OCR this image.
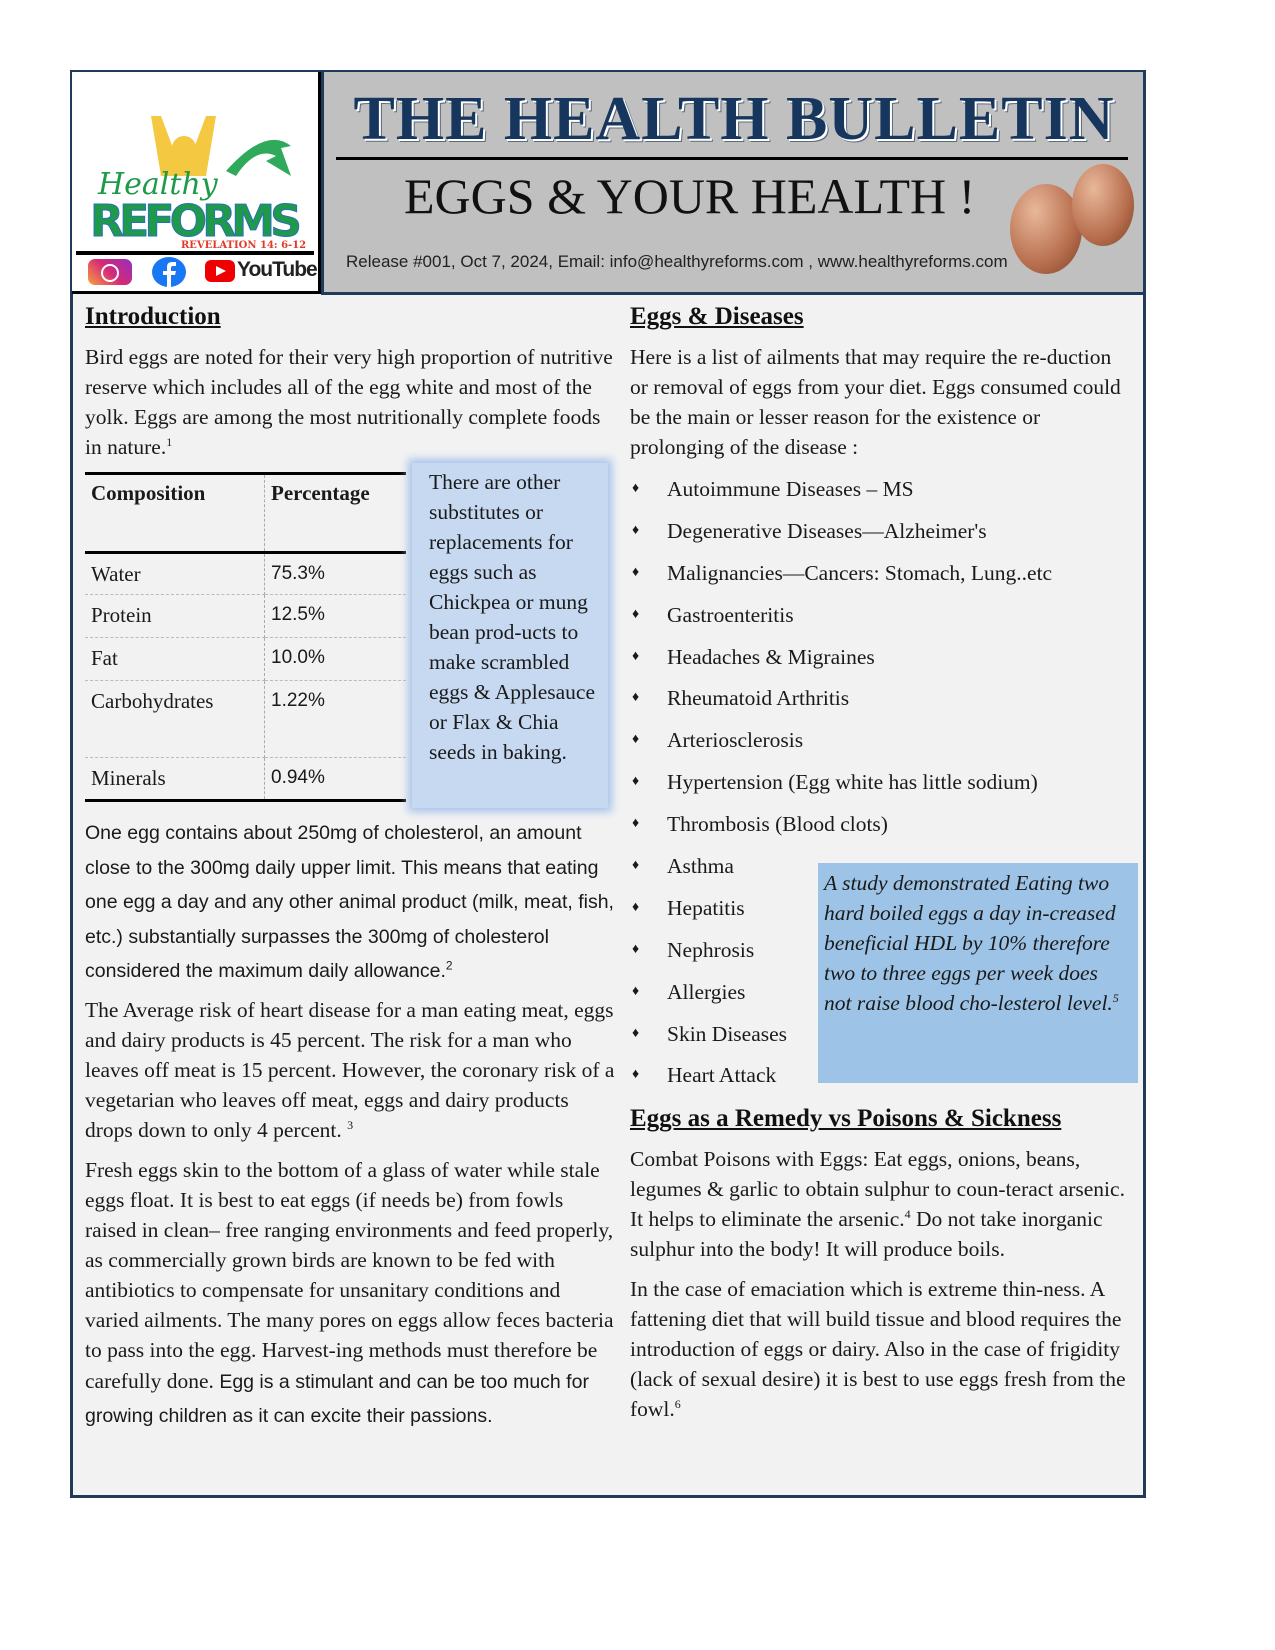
Healthy
REFORMS
REVELATION 14: 6-12
YouTube
THE HEALTH BULLETIN
EGGS & YOUR HEALTH !
Release #001, Oct 7, 2024, Email: info@healthyreforms.com , www.healthyreforms.com
Introduction

Bird eggs are noted for their very high proportion of nutritive reserve which includes all of the egg white and most of the yolk. Eggs are among the most nutritionally complete foods in nature.$^1$

Composition	Percentage
Water	75.3%
Protein	12.5%
Fat	10.0%
Carbohydrates	1.22%
Minerals	0.94%

There are other substitutes or replacements for eggs such as Chickpea or mung bean prod-ucts to make scrambled eggs & Applesauce or Flax & Chia seeds in baking.

One egg contains about 250mg of cholesterol, an amount close to the 300mg daily upper limit. This means that eating one egg a day and any other animal product (milk, meat, fish, etc.) substantially surpasses the 300mg of cholesterol considered the maximum daily allowance.$^2$

The Average risk of heart disease for a man eating meat, eggs and dairy products is 45 percent. The risk for a man who leaves off meat is 15 percent. However, the coronary risk of a vegetarian who leaves off meat, eggs and dairy products drops down to only 4 percent. $^3$

Fresh eggs skin to the bottom of a glass of water while stale eggs float. It is best to eat eggs (if needs be) from fowls raised in clean– free ranging environments and feed properly, as commercially grown birds are known to be fed with antibiotics to compensate for unsanitary conditions and varied ailments. The many pores on eggs allow feces bacteria to pass into the egg. Harvest-ing methods must therefore be carefully done. Egg is a stimulant and can be too much for growing children as it can excite their passions.

Eggs & Diseases

Here is a list of ailments that may require the re-duction or removal of eggs from your diet. Eggs consumed could be the main or lesser reason for the existence or prolonging of the disease :

♦ Autoimmune Diseases – MS
♦ Degenerative Diseases—Alzheimer's
♦ Malignancies—Cancers: Stomach, Lung..etc
♦ Gastroenteritis
♦ Headaches & Migraines
♦ Rheumatoid Arthritis
♦ Arteriosclerosis
♦ Hypertension (Egg white has little sodium)
♦ Thrombosis (Blood clots)
♦ Asthma
♦ Hepatitis
♦ Nephrosis
♦ Allergies
♦ Skin Diseases
♦ Heart Attack

A study demonstrated Eating two hard boiled eggs a day in-creased beneficial HDL by 10% therefore two to three eggs per week does not raise blood cho-lesterol level.$^5$

Eggs as a Remedy vs Poisons & Sickness

Combat Poisons with Eggs: Eat eggs, onions, beans, legumes & garlic to obtain sulphur to coun-teract arsenic. It helps to eliminate the arsenic.$^4$ Do not take inorganic sulphur into the body! It will produce boils.

In the case of emaciation which is extreme thin-ness. A fattening diet that will build tissue and blood requires the introduction of eggs or dairy. Also in the case of frigidity (lack of sexual desire) it is best to use eggs fresh from the fowl.$^6$
